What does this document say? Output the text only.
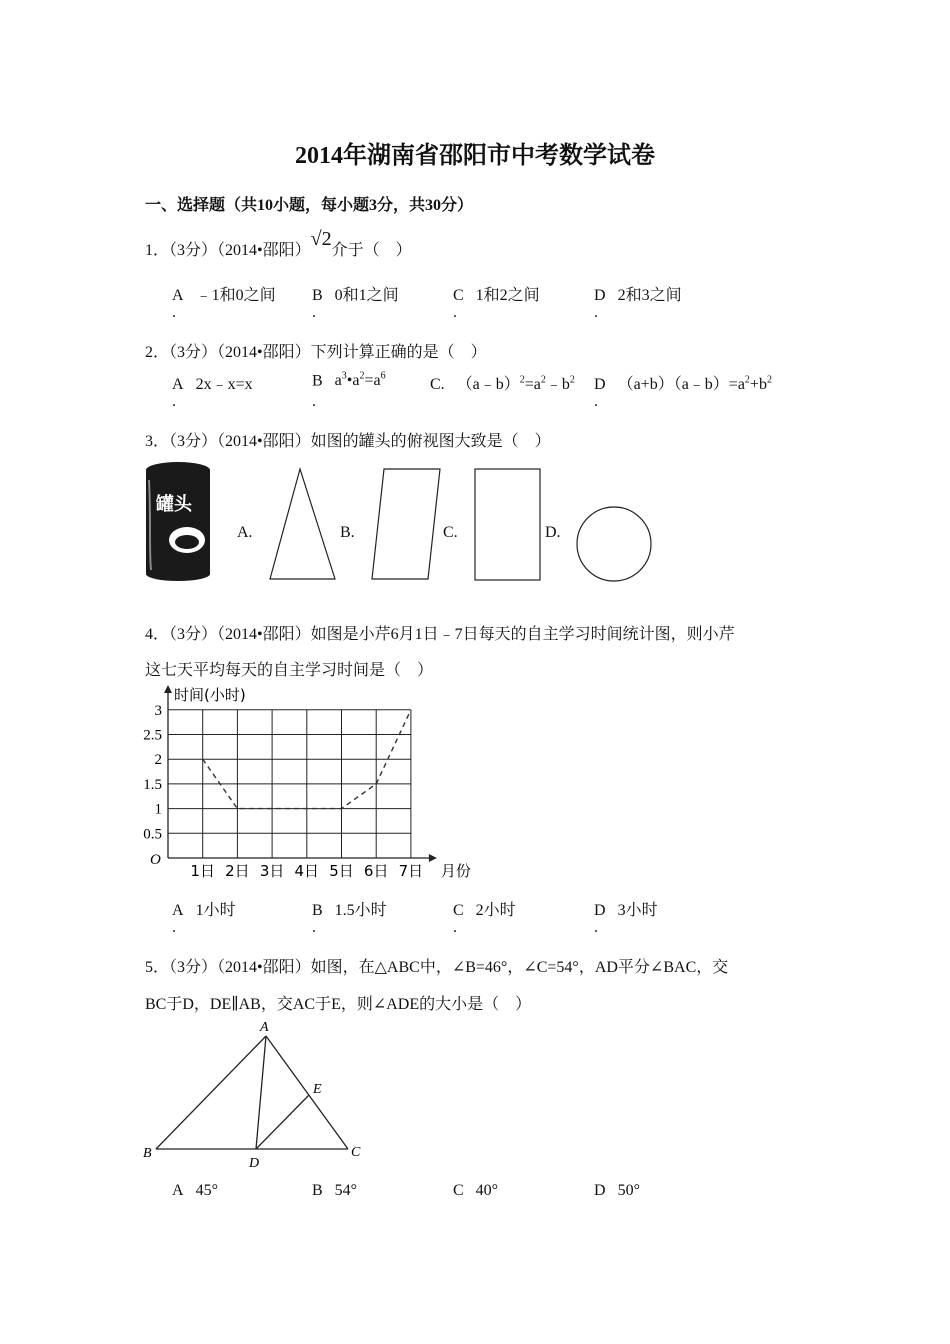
2014年湖南省邵阳市中考数学试卷
一、选择题（共10小题，每小题3分，共30分）
1．（3分）（2014•邵阳）√2介于（　）
A ﹣1和0之间 B 0和1之间	C 1和2之间	D 2和3之间
.	.	.	.
2．（3分）（2014•邵阳）下列计算正确的是（　）
A 2x﹣x=x	B $a^3•a^2=a^6$	C. $(a﹣b)^2=a^2﹣b^2$ D $(a+b)(a﹣b)=a^2+b^2$
.	.	.
3．（3分）（2014•邵阳）如图的罐头的俯视图大致是（　）
罐头
A.	B.	C.	D.
4．（3分）（2014•邵阳）如图是小芹6月1日﹣7日每天的自主学习时间统计图，则小芹
这七天平均每天的自主学习时间是（　）
0.5
1
1.5
2
2.5
3
O
时间(小时)
1日 2日 3日 4日 5日 6日 7日 月份
A 1小时	B 1.5小时	C 2小时	D 3小时
.	.	.	.
5．（3分）（2014•邵阳）如图，在△ABC中，∠B=46°，∠C=54°，AD平分∠BAC，交
BC于D，DE∥AB，交AC于E，则∠ADE的大小是（　）
A
B	C
D
E
A 45°	B 54°	C 40°	D 50°
